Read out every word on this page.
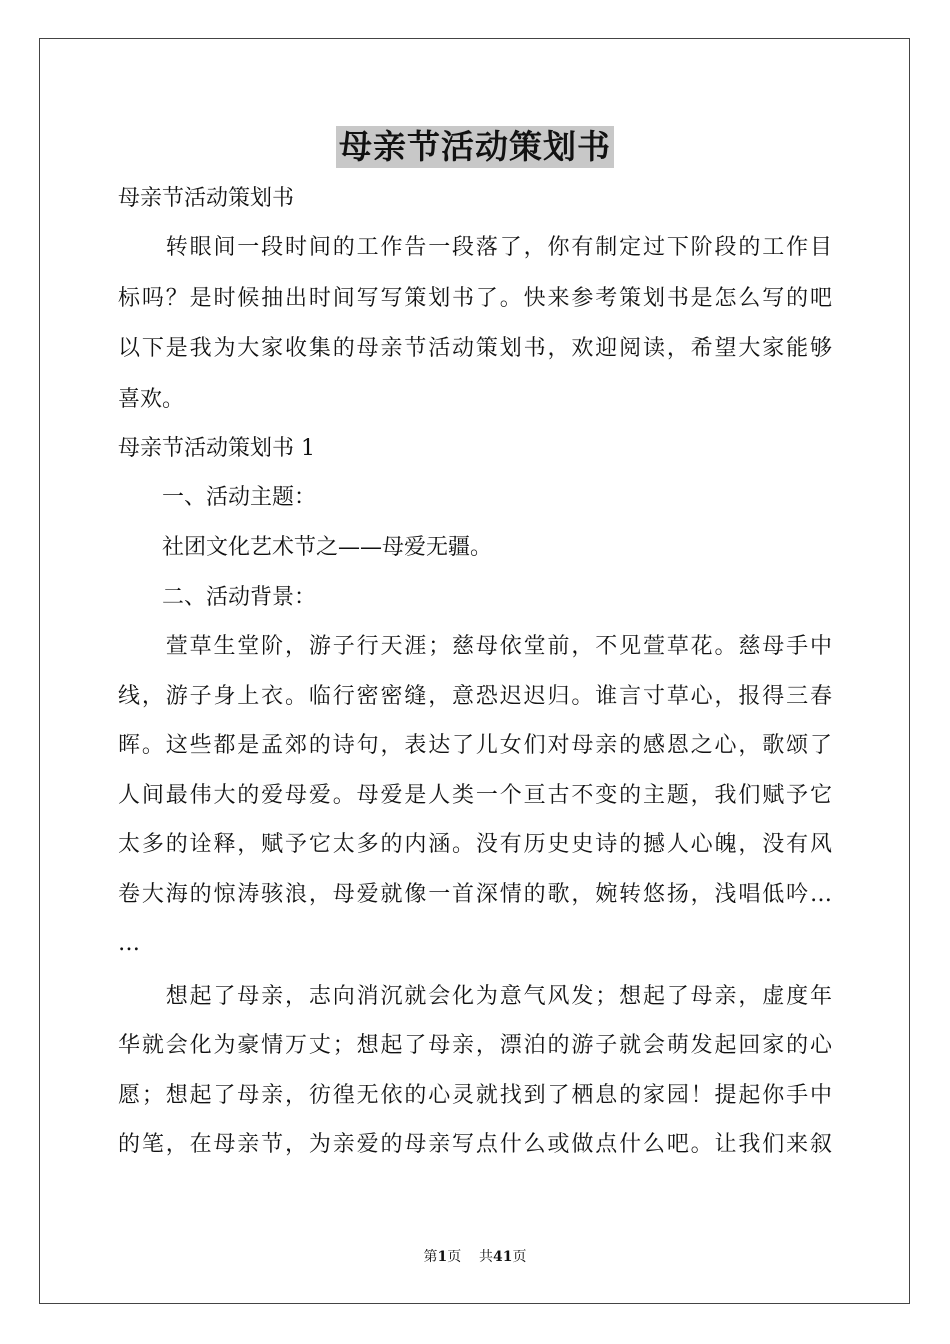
母亲节活动策划书
母亲节活动策划书
　　转眼间一段时间的工作告一段落了，你有制定过下阶段的工作目
标吗？是时候抽出时间写写策划书了。快来参考策划书是怎么写的吧
以下是我为大家收集的母亲节活动策划书，欢迎阅读，希望大家能够
喜欢。
母亲节活动策划书 1
　　一、活动主题：
　　社团文化艺术节之——母爱无疆。
　　二、活动背景：
　　萱草生堂阶，游子行天涯；慈母依堂前，不见萱草花。慈母手中
线，游子身上衣。临行密密缝，意恐迟迟归。谁言寸草心，报得三春
晖。这些都是孟郊的诗句，表达了儿女们对母亲的感恩之心，歌颂了
人间最伟大的爱母爱。母爱是人类一个亘古不变的主题，我们赋予它
太多的诠释，赋予它太多的内涵。没有历史史诗的撼人心魄，没有风
卷大海的惊涛骇浪，母爱就像一首深情的歌，婉转悠扬，浅唱低吟…
…
　　想起了母亲，志向消沉就会化为意气风发；想起了母亲，虚度年
华就会化为豪情万丈；想起了母亲，漂泊的游子就会萌发起回家的心
愿；想起了母亲，彷徨无依的心灵就找到了栖息的家园！提起你手中
的笔，在母亲节，为亲爱的母亲写点什么或做点什么吧。让我们来叙
第1页 共41页
